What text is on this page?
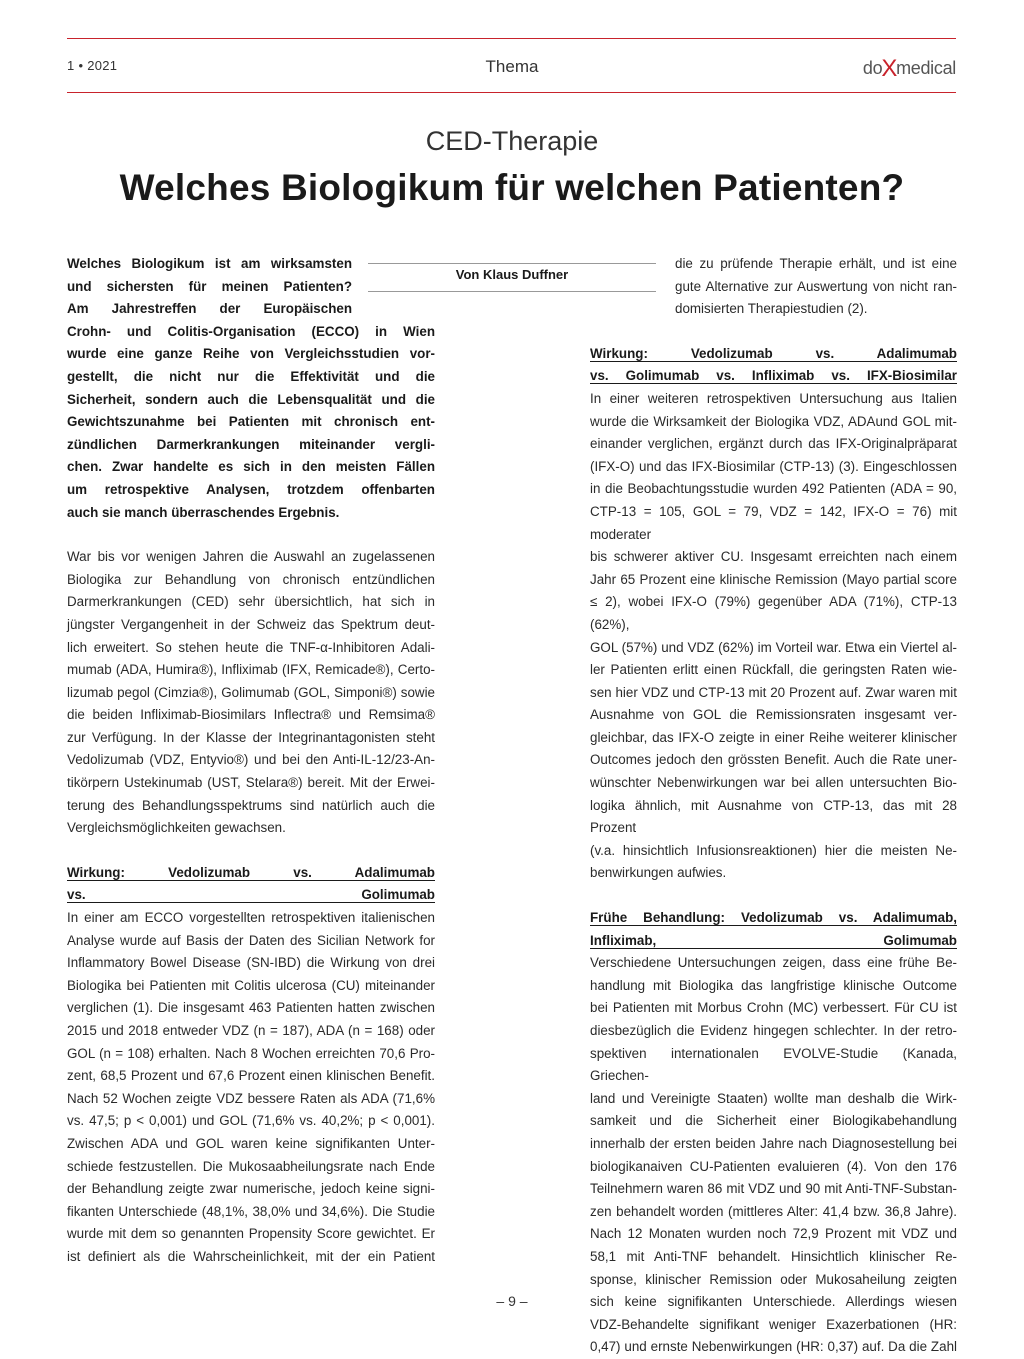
1 • 2021	Thema	doXmedical
CED-Therapie
Welches Biologikum für welchen Patienten?
Von Klaus Duffner

Welches Biologikum ist am wirksamsten

und sichersten für meinen Patienten?

Am Jahrestreffen der Europäischen

Crohn- und Colitis-Organisation (ECCO) in Wien

wurde eine ganze Reihe von Vergleichsstudien vor-

gestellt, die nicht nur die Effektivität und die

Sicherheit, sondern auch die Lebensqualität und die

Gewichtszunahme bei Patienten mit chronisch ent-

zündlichen Darmerkrankungen miteinander vergli-

chen. Zwar handelte es sich in den meisten Fällen

um retrospektive Analysen, trotzdem offenbarten

auch sie manch überraschendes Ergebnis.

War bis vor wenigen Jahren die Auswahl an zugelassenen

Biologika zur Behandlung von chronisch entzündlichen

Darmerkrankungen (CED) sehr übersichtlich, hat sich in

jüngster Vergangenheit in der Schweiz das Spektrum deut-

lich erweitert. So stehen heute die TNF-α-Inhibitoren Adali-

mumab (ADA, Humira®), Infliximab (IFX, Remicade®), Certo-

lizumab pegol (Cimzia®), Golimumab (GOL, Simponi®) sowie

die beiden Infliximab-Biosimilars Inflectra® und Remsima®

zur Verfügung. In der Klasse der Integrinantagonisten steht

Vedolizumab (VDZ, Entyvio®) und bei den Anti-IL-12/23-An-

tikörpern Ustekinumab (UST, Stelara®) bereit. Mit der Erwei-

terung des Behandlungsspektrums sind natürlich auch die

Vergleichsmöglichkeiten gewachsen.

Wirkung: Vedolizumab vs. Adalimumab

vs. Golimumab

In einer am ECCO vorgestellten retrospektiven italienischen

Analyse wurde auf Basis der Daten des Sicilian Network for

Inflammatory Bowel Disease (SN-IBD) die Wirkung von drei

Biologika bei Patienten mit Colitis ulcerosa (CU) miteinander

verglichen (1). Die insgesamt 463 Patienten hatten zwischen

2015 und 2018 entweder VDZ (n = 187), ADA (n = 168) oder

GOL (n = 108) erhalten. Nach 8 Wochen erreichten 70,6 Pro-

zent, 68,5 Prozent und 67,6 Prozent einen klinischen Benefit.

Nach 52 Wochen zeigte VDZ bessere Raten als ADA (71,6%

vs. 47,5; p < 0,001) und GOL (71,6% vs. 40,2%; p < 0,001).

Zwischen ADA und GOL waren keine signifikanten Unter-

schiede festzustellen. Die Mukosaabheilungsrate nach Ende

der Behandlung zeigte zwar numerische, jedoch keine signi-

fikanten Unterschiede (48,1%, 38,0% und 34,6%). Die Studie

wurde mit dem so genannten Propensity Score gewichtet. Er

ist definiert als die Wahrscheinlichkeit, mit der ein Patient

die zu prüfende Therapie erhält, und ist eine

gute Alternative zur Auswertung von nicht ran-

domisierten Therapiestudien (2).

Wirkung: Vedolizumab vs. Adalimumab

vs. Golimumab vs. Infliximab vs. IFX-Biosimilar

In einer weiteren retrospektiven Untersuchung aus Italien

wurde die Wirksamkeit der Biologika VDZ, ADAund GOL mit-

einander verglichen, ergänzt durch das IFX-Originalpräparat

(IFX-O) und das IFX-Biosimilar (CTP-13) (3). Eingeschlossen

in die Beobachtungsstudie wurden 492 Patienten (ADA = 90,

CTP-13 = 105, GOL = 79, VDZ = 142, IFX-O = 76) mit moderater

bis schwerer aktiver CU. Insgesamt erreichten nach einem

Jahr 65 Prozent eine klinische Remission (Mayo partial score

≤ 2), wobei IFX-O (79%) gegenüber ADA (71%), CTP-13 (62%),

GOL (57%) und VDZ (62%) im Vorteil war. Etwa ein Viertel al-

ler Patienten erlitt einen Rückfall, die geringsten Raten wie-

sen hier VDZ und CTP-13 mit 20 Prozent auf. Zwar waren mit

Ausnahme von GOL die Remissionsraten insgesamt ver-

gleichbar, das IFX-O zeigte in einer Reihe weiterer klinischer

Outcomes jedoch den grössten Benefit. Auch die Rate uner-

wünschter Nebenwirkungen war bei allen untersuchten Bio-

logika ähnlich, mit Ausnahme von CTP-13, das mit 28 Prozent

(v.a. hinsichtlich Infusionsreaktionen) hier die meisten Ne-

benwirkungen aufwies.

Frühe Behandlung: Vedolizumab vs. Adalimumab,

Infliximab, Golimumab

Verschiedene Untersuchungen zeigen, dass eine frühe Be-

handlung mit Biologika das langfristige klinische Outcome

bei Patienten mit Morbus Crohn (MC) verbessert. Für CU ist

diesbezüglich die Evidenz hingegen schlechter. In der retro-

spektiven internationalen EVOLVE-Studie (Kanada, Griechen-

land und Vereinigte Staaten) wollte man deshalb die Wirk-

samkeit und die Sicherheit einer Biologikabehandlung

innerhalb der ersten beiden Jahre nach Diagnosestellung bei

biologikanaiven CU-Patienten evaluieren (4). Von den 176

Teilnehmern waren 86 mit VDZ und 90 mit Anti-TNF-Substan-

zen behandelt worden (mittleres Alter: 41,4 bzw. 36,8 Jahre).

Nach 12 Monaten wurden noch 72,9 Prozent mit VDZ und

58,1 mit Anti-TNF behandelt. Hinsichtlich klinischer Re-

sponse, klinischer Remission oder Mukosaheilung zeigten

sich keine signifikanten Unterschiede. Allerdings wiesen

VDZ-Behandelte signifikant weniger Exazerbationen (HR:

0,47) und ernste Nebenwirkungen (HR: 0,37) auf. Da die Zahl

– 9 –
